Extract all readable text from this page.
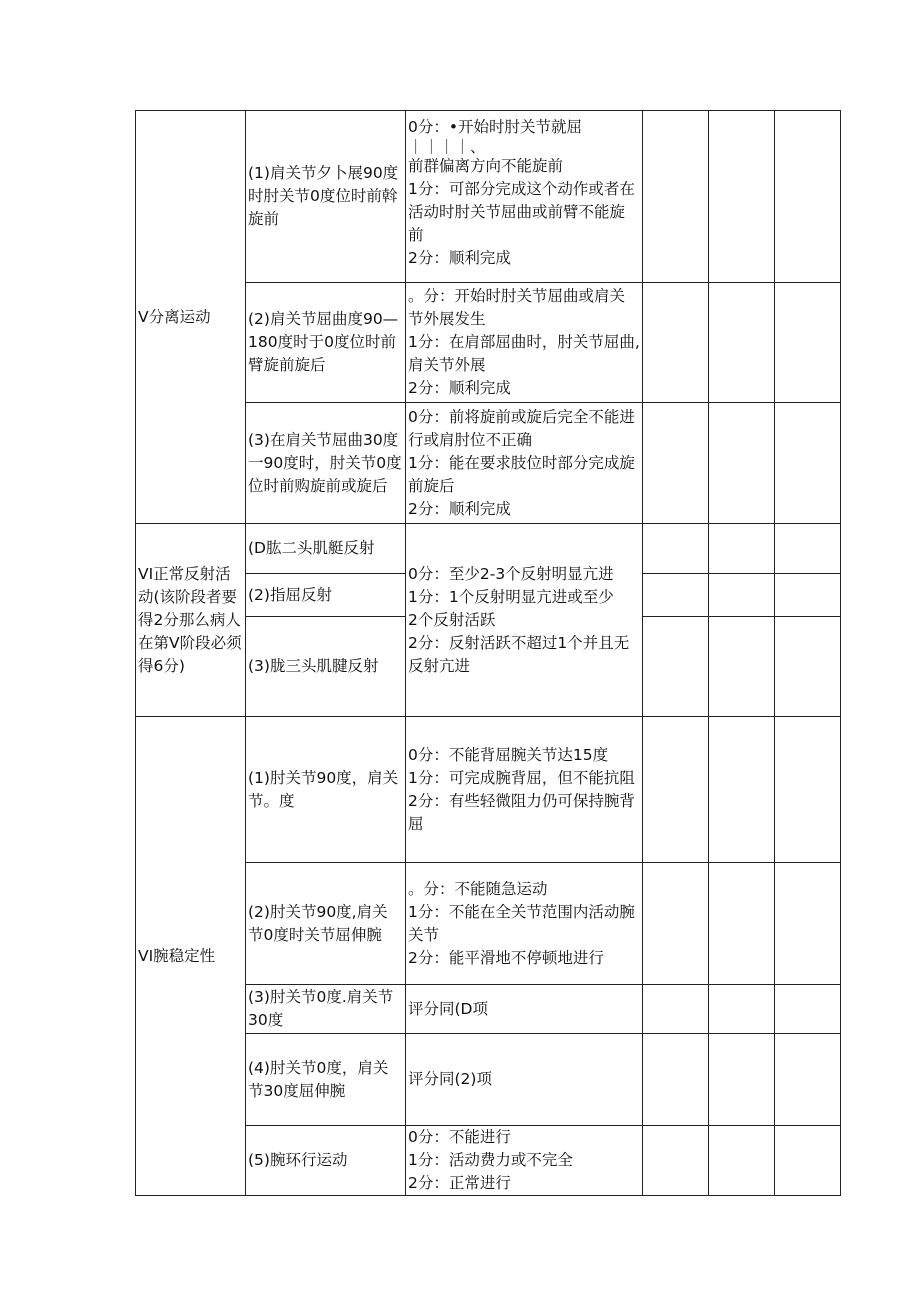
V分离运动	(1)肩关节夕卜展90度时肘关节0度位时前斡旋前	0分：•开始时肘关节就屈
｜｜｜｜、
前群偏离方向不能旋前
1分：可部分完成这个动作或者在活动时肘关节屈曲或前臂不能旋前
2分：顺利完成			

	(2)肩关节屈曲度90—180度时于0度位时前臂旋前旋后	。分：开始时肘关节屈曲或肩关节外展发生
1分：在肩部屈曲时，肘关节屈曲,肩关节外展
2分：顺利完成			

	(3)在肩关节屈曲30度一90度时，肘关节0度位时前购旋前或旋后	0分：前将旋前或旋后完全不能进行或肩肘位不正确
1分：能在要求肢位时部分完成旋前旋后
2分：顺利完成			

VI正常反射活动(该阶段者要得2分那么病人在第V阶段必须得6分)	(D肱二头肌艇反射	0分：至少2-3个反射明显亢进
1分：1个反射明显亢进或至少
2个反射活跃
2分：反射活跃不超过1个并且无反射亢进			

	(2)指屈反射				
	(3)胧三头肌腱反射				
VI腕稳定性	(1)肘关节90度，肩关节。度	0分：不能背屈腕关节达15度
1分：可完成腕背屈，但不能抗阻
2分：有些轻微阻力仍可保持腕背屈			

	(2)肘关节90度,肩关节0度时关节屈伸腕	。分：不能随急运动
1分：不能在全关节范围内活动腕关节
2分：能平滑地不停顿地进行			

	(3)肘关节0度.肩关节30度	评分同(D项			

	(4)肘关节0度，肩关节30度屈伸腕	评分同(2)项			

	(5)腕环行运动	0分：不能进行
1分：活动费力或不完全
2分：正常进行			
